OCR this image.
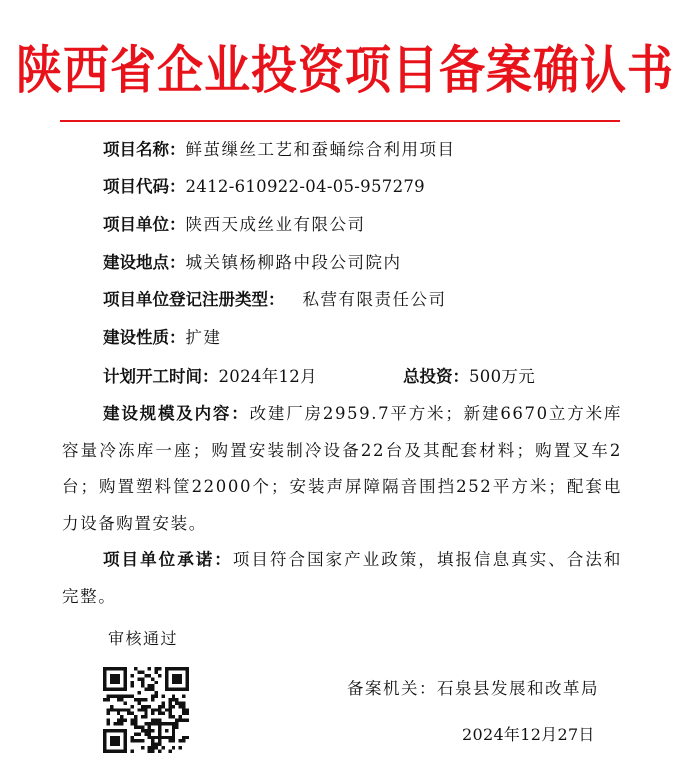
陕西省企业投资项目备案确认书
项目名称：鲜茧缫丝工艺和蚕蛹综合利用项目
项目代码：2412-610922-04-05-957279
项目单位：陕西天成丝业有限公司
建设地点：城关镇杨柳路中段公司院内
项目单位登记注册类型： 私营有限责任公司
建设性质：扩建
计划开工时间：2024年12月	总投资：500万元
建设规模及内容：改建厂房2959.7平方米；新建6670立方米库容量冷冻库一座；购置安装制冷设备22台及其配套材料；购置叉车2台；购置塑料筐22000个；安装声屏障隔音围挡252平方米；配套电力设备购置安装。
项目单位承诺：项目符合国家产业政策，填报信息真实、合法和完整。
审核通过
备案机关：石泉县发展和改革局
2024年12月27日
